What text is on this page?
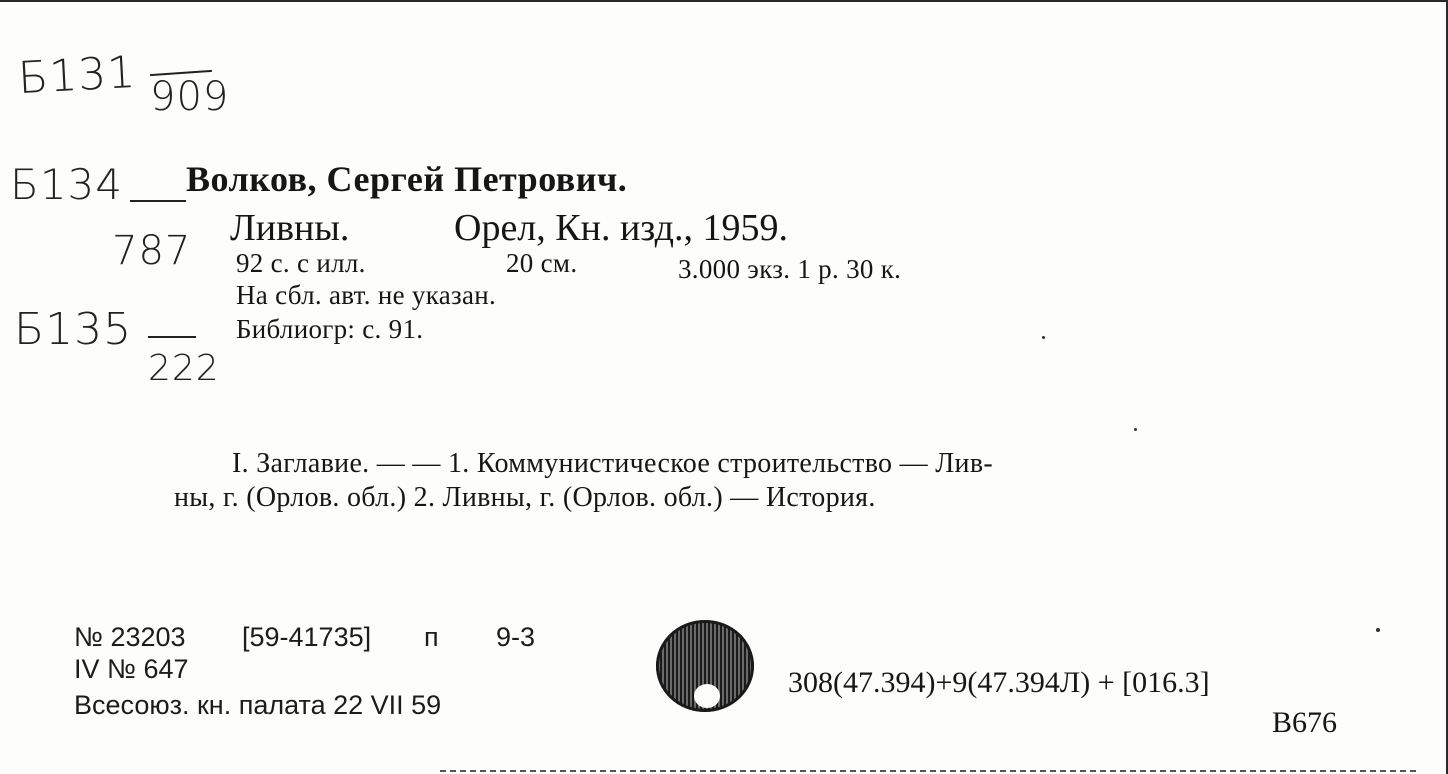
Б131 909
Б134
787
Б135
222
Волков, Сергей Петрович.
Ливны.	Орел, Кн. изд., 1959.
92 с. с илл.	20 см.	3.000 экз. 1 р. 30 к.
На сбл. авт. не указан.
Библиогр: с. 91.
I. Заглавие. — — 1. Коммунистическое строительство — Лив-
ны, г. (Орлов. обл.) 2. Ливны, г. (Орлов. обл.) — История.
№ 23203 [59-41735] п 9-3
IV № 647
Всесоюз. кн. палата 22 VII 59
308(47.394)+9(47.394Л) + [016.3]
В676
